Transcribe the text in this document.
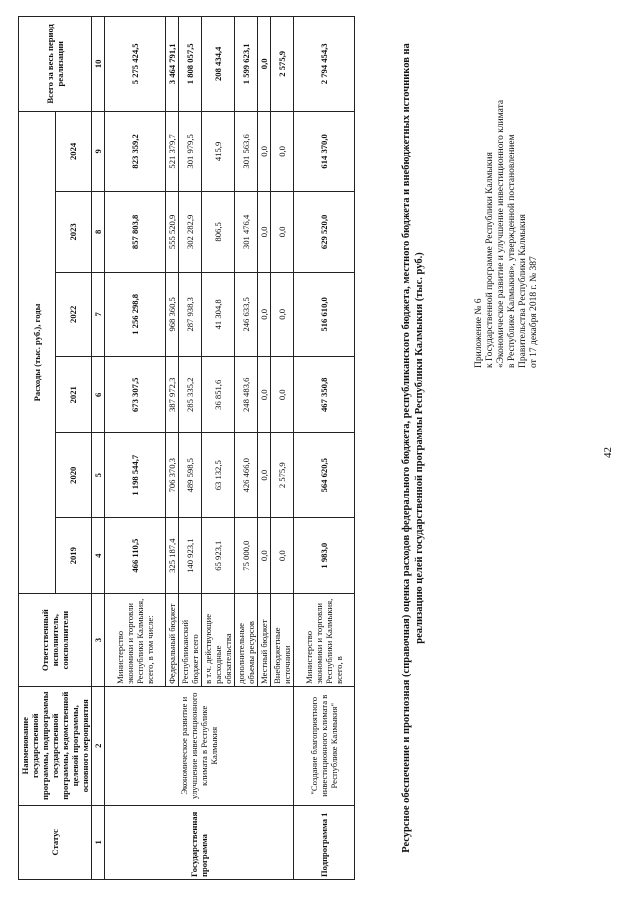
42
Приложение № 6 к Государственной программе Республики Калмыкия «Экономическое развитие и улучшение инвестиционного климата в Республике Калмыкия», утвержденной постановлением Правительства Республики Калмыкия от 17 декабря 2018 г. № 387
Ресурсное обеспечение и прогнозная (справочная) оценка расходов федерального бюджета, республиканского бюджета, местного бюджета и внебюджетных источников на реализацию целей государственной программы Республики Калмыкия (тыс. руб.)
Статус	Наименование государственной программы, подпрограммы государственной программы, ведомственной целевой программы, основного мероприятия	Ответственный исполнитель, соисполнители	Расходы (тыс. руб.), годы						Всего за весь период реализации
			2019	2020	2021	2022	2023	2024	
1	2	3	4	5	6	7	8	9	10
Государственная программа	Экономическое развитие и улучшение инвестиционного климата в Республике Калмыкия	Министерство экономики и торговли Республики Калмыкия, всего, в том числе:	466 110,5	1 198 544,7	673 307,5	1 256 298,8	857 803,8	823 359,2	5 275 424,5
		Федеральный бюджет	325 187,4	706 370,3	387 972,3	968 360,5	555 520,9	521 379,7	3 464 791,1
		Республиканский бюджет всего	140 923,1	489 598,5	285 335,2	287 938,3	302 282,9	301 979,5	1 808 057,5
		в т.ч. действующие расходные обязательства	65 923,1	63 132,5	36 851,6	41 304,8	806,5	415,9	208 434,4
		дополнительные объемы ресурсов	75 000,0	426 466,0	248 483,6	246 633,5	301 476,4	301 563,6	1 599 623,1
		Местный бюджет	0,0	0,0	0,0	0,0	0,0	0,0	0,0
		Внебюджетные источники	0,0	2 575,9	0,0	0,0	0,0	0,0	2 575,9
Подпрограмма 1	"Создание благоприятного инвестиционного климата в Республике Калмыкия"	Министерство экономики и торговли Республики Калмыкия, всего, в	1 983,0	564 620,5	467 350,8	516 610,0	629 520,0	614 370,0	2 794 454,3
